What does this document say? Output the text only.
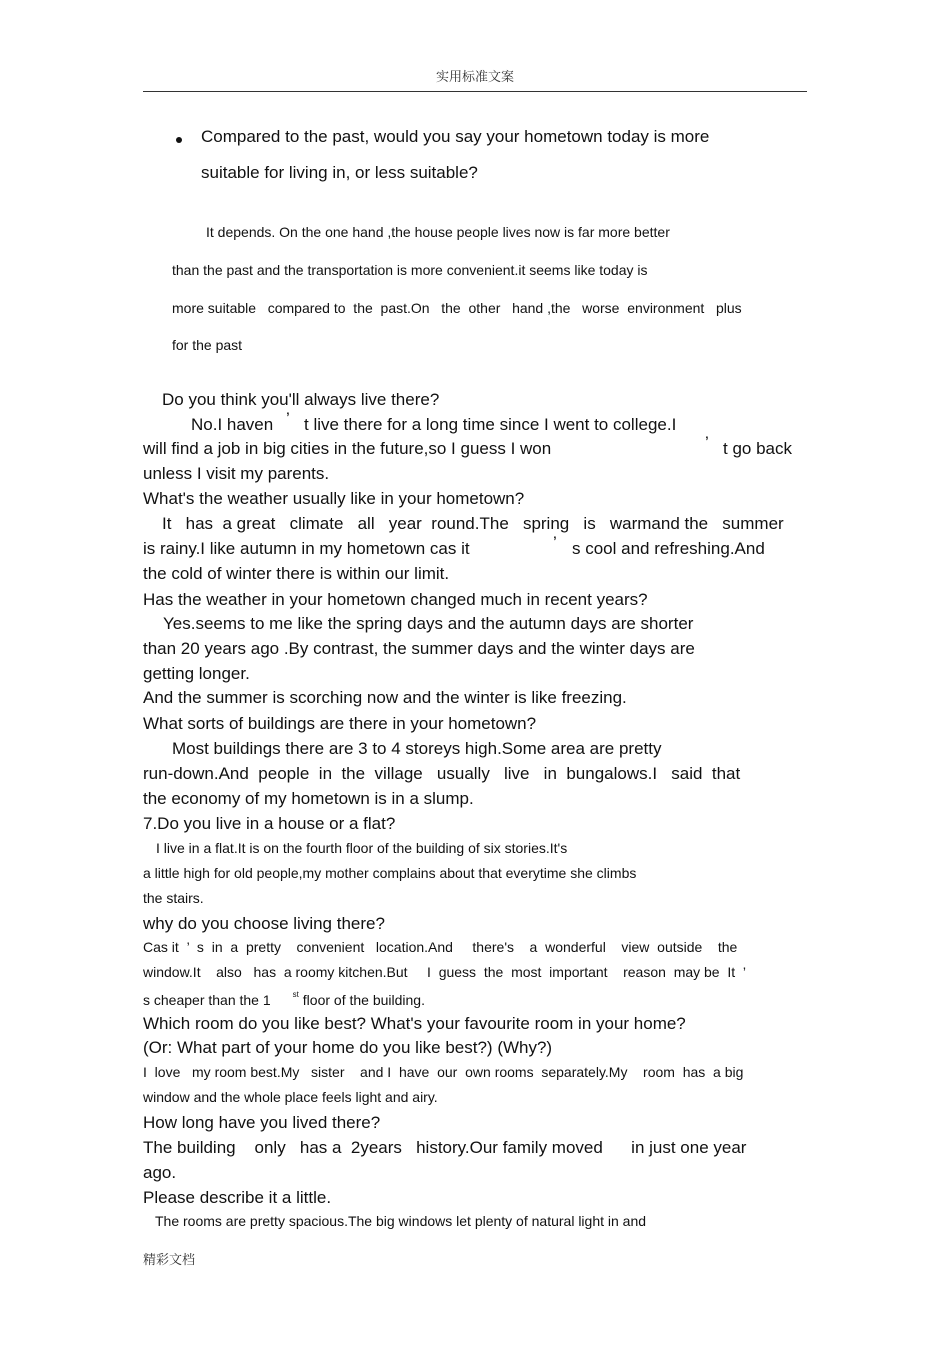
实用标准文案
Compared to the past, would you say your hometown today is more
suitable for living in, or less suitable?
It depends. On the one hand ,the house people lives now is far more better
than the past and the transportation is more convenient.it seems like today is
more suitable   compared to  the  past.On   the  other   hand ,the   worse  environment   plus
for the past
Do you think you'll always live there?
No.I haven ’ t live there for a long time since I went to college.I
will find a job in big cities in the future,so I guess I won	’ t go back
unless I visit my parents.
What's the weather usually like in your hometown?
It   has  a great   climate   all   year  round.The   spring   is   warmand the   summer
is rainy.I like autumn in my hometown cas it	’ s cool and refreshing.And
the cold of winter there is within our limit.
Has the weather in your hometown changed much in recent years?
Yes.seems to me like the spring days and the autumn days are shorter
than 20 years ago .By contrast, the summer days and the winter days are
getting longer.
And the summer is scorching now and the winter is like freezing.
What sorts of buildings are there in your hometown?
Most buildings there are 3 to 4 storeys high.Some area are pretty
run-down.And  people  in  the  village   usually   live   in  bungalows.I   said  that
the economy of my hometown is in a slump.
7.Do you live in a house or a flat?
I live in a flat.It is on the fourth floor of the building of six stories.It's
a little high for old people,my mother complains about that everytime she climbs
the stairs.
why do you choose living there?
Cas it  ’  s  in  a  pretty    convenient   location.And     there's    a  wonderful    view  outside    the
window.It    also   has  a roomy kitchen.But     I  guess  the  most  important    reason  may be  It  ’
s cheaper than the 1	$^{st}$ floor of the building.
Which room do you like best? What's your favourite room in your home?
(Or: What part of your home do you like best?) (Why?)
I  love   my room best.My   sister    and I  have  our  own rooms  separately.My    room  has  a big
window and the whole place feels light and airy.
How long have you lived there?
The building    only   has a  2years   history.Our family moved      in just one year
ago.
Please describe it a little.
The rooms are pretty spacious.The big windows let plenty of natural light in and
精彩文档
